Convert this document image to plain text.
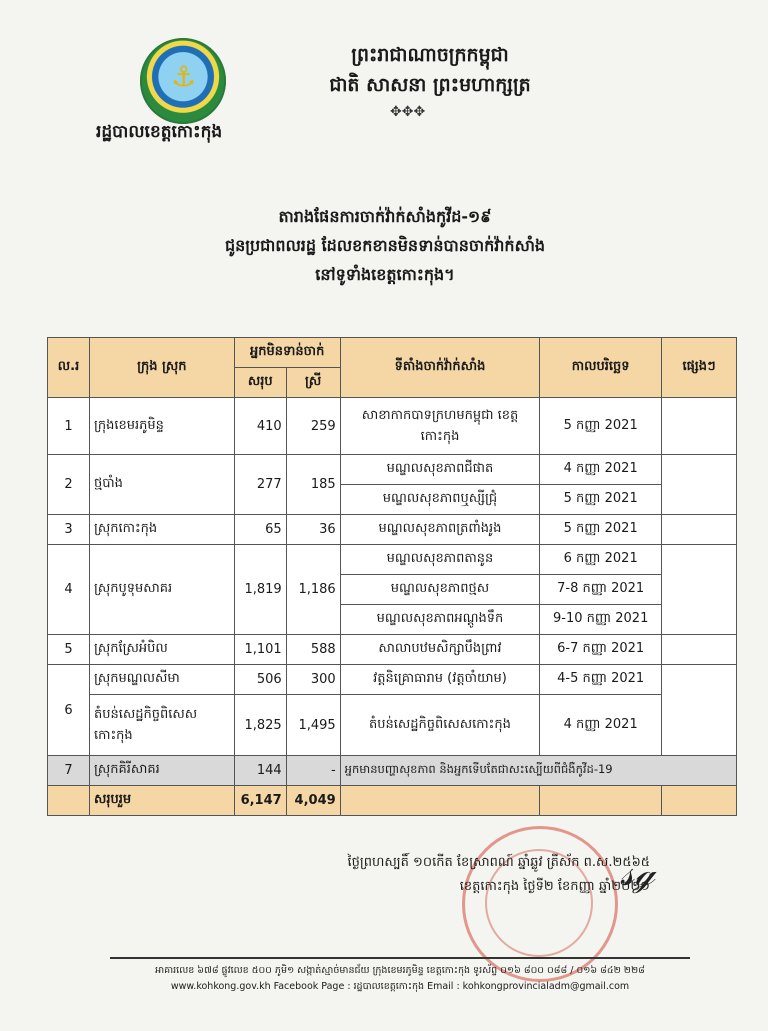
⚓
រដ្ឋបាលខេត្តកោះកុង
ព្រះរាជាណាចក្រកម្ពុជា
ជាតិ សាសនា ព្រះមហាក្សត្រ
✥✥✥
តារាងផែនការចាក់វ៉ាក់សាំងកូវីដ-១៩
ជូនប្រជាពលរដ្ឋ ដែលខកខានមិនទាន់បានចាក់វ៉ាក់សាំង
នៅទូទាំងខេត្តកោះកុង។
ល.រ	ក្រុង ស្រុក	អ្នកមិនទាន់ចាក់		ទីតាំងចាក់វ៉ាក់សាំង	កាលបរិច្ឆេទ	ផ្សេងៗ
		សរុប	ស្រី			
1	ក្រុងខេមរភូមិន្ទ	410	259	សាខាកាកបាទក្រហមកម្ពុជា ខេត្តកោះកុង	5 កញ្ញា 2021	
2	ថ្មបាំង	277	185	មណ្ឌលសុខភាពជីផាត	4 កញ្ញា 2021	
				មណ្ឌលសុខភាពឬស្សីជ្រុំ	5 កញ្ញា 2021	
3	ស្រុកកោះកុង	65	36	មណ្ឌលសុខភាពត្រពាំងរូង	5 កញ្ញា 2021	
4	ស្រុកបូទុមសាគរ	1,819	1,186	មណ្ឌលសុខភាពតានូន	6 កញ្ញា 2021	
				មណ្ឌលសុខភាពថ្មស	7-8 កញ្ញា 2021	
				មណ្ឌលសុខភាពអណ្ដូងទឹក	9-10 កញ្ញា 2021	
5	ស្រុកស្រែអំបិល	1,101	588	សាលាបឋមសិក្សាបឹងព្រាវ	6-7 កញ្ញា 2021	
6	ស្រុកមណ្ឌលសីមា	506	300	វត្តនិគ្រោធារាម (វត្តចាំយាម)	4-5 កញ្ញា 2021	
	តំបន់សេដ្ឋកិច្ចពិសេសកោះកុង	1,825	1,495	តំបន់សេដ្ឋកិច្ចពិសេសកោះកុង	4 កញ្ញា 2021	
7	ស្រុកគិរីសាគរ	144	-	អ្នកមានបញ្ហាសុខភាព និងអ្នកទើបតែជាសះស្បើយពីជំងឺកូវីដ-19		
	សរុបរួម	6,147	4,049			
ថ្ងៃព្រហស្បតិ៍ ១០កើត ខែស្រាពណ៍ ឆ្នាំឆ្លូវ ត្រីស័ក ព.ស.២៥៦៥
ខេត្តកោះកុង ថ្ងៃទី២ ខែកញ្ញា ឆ្នាំ២០២១
𝓈ℊ
អាគារលេខ ៦៧៨ ផ្លូវលេខ ៥០០ ភូមិ១ សង្កាត់ស្មាច់មានជ័យ ក្រុងខេមរភូមិន្ទ ខេត្តកោះកុង ទូរស័ព្ទ ០១៦ ៨០០ ០៨៨ / ០១៦ ៨៤២ ២២៨
www.kohkong.gov.kh Facebook Page : រដ្ឋបាលខេត្តកោះកុង Email : kohkongprovincialadm@gmail.com
